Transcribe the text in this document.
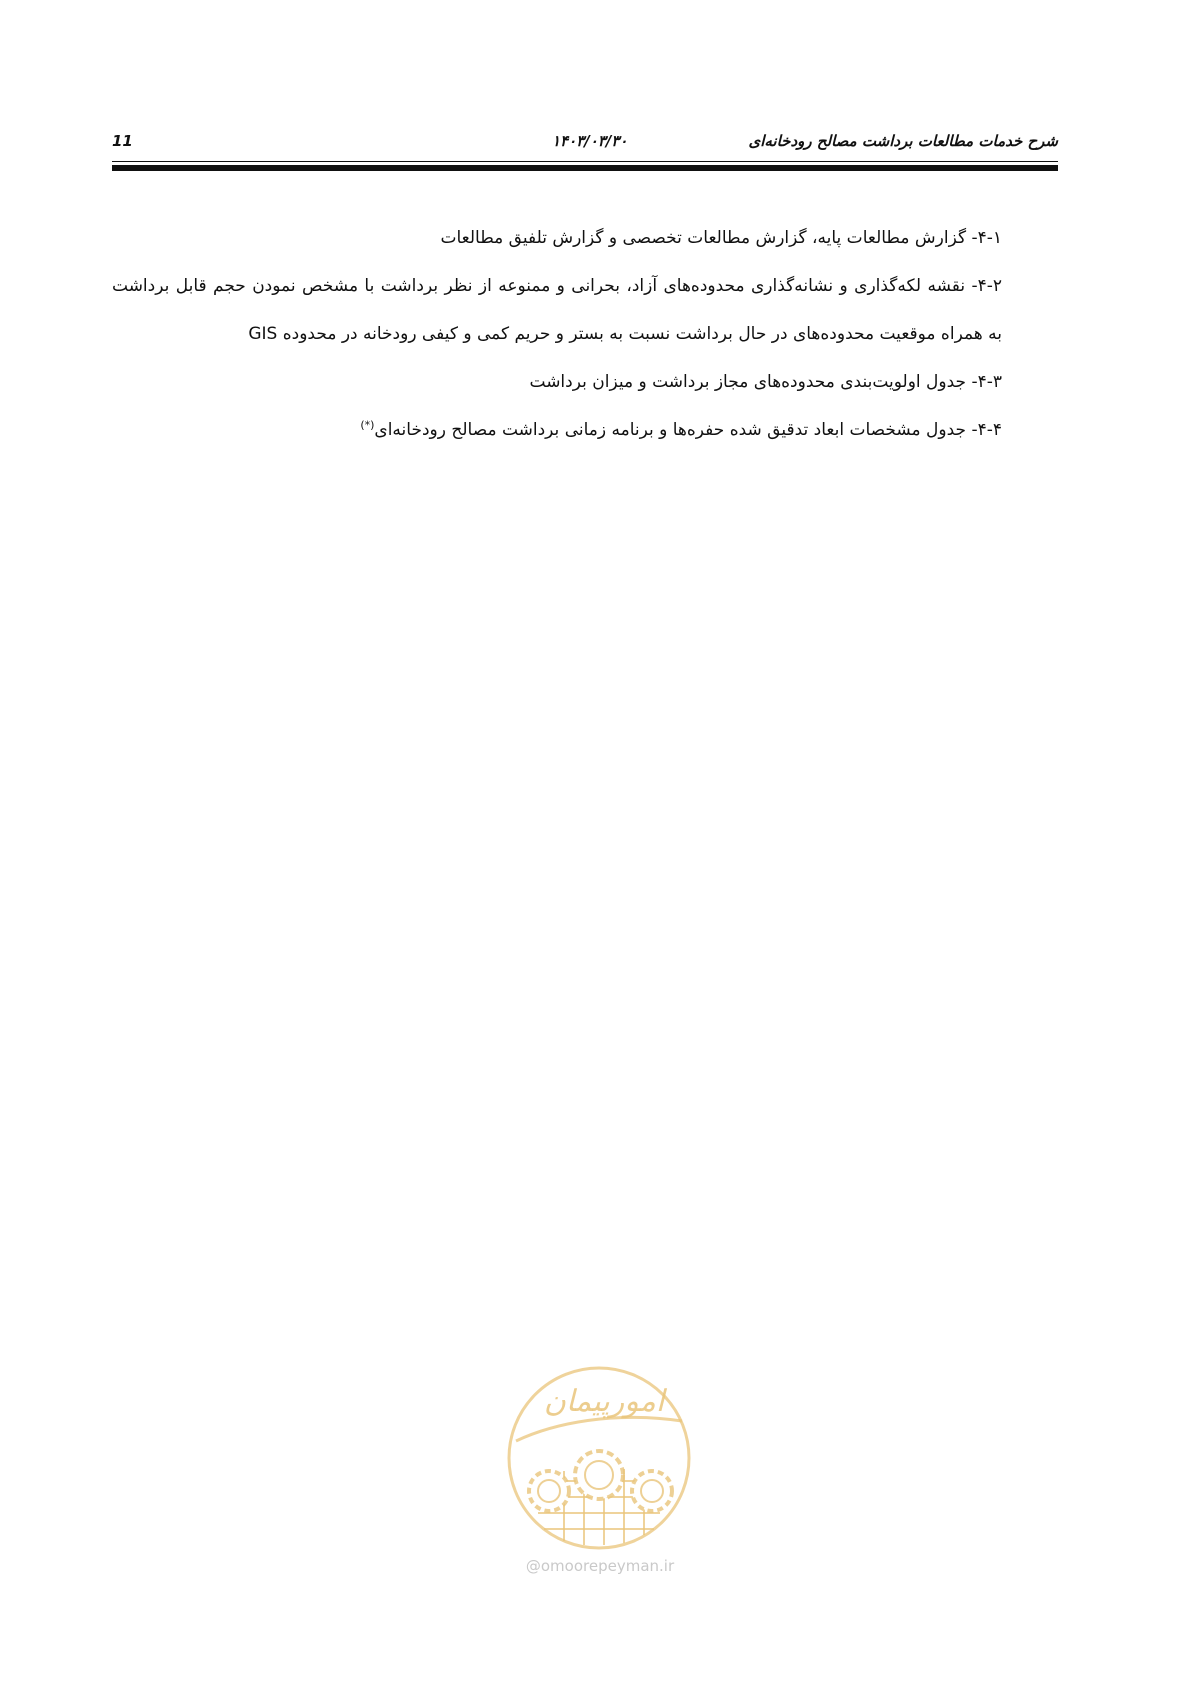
شرح خدمات مطالعات برداشت مصالح رودخانه‌ای
۱۴۰۳/۰۳/۳۰
11

۴-۱- گزارش مطالعات پایه، گزارش مطالعات تخصصی و گزارش تلفیق مطالعات

۴-۲- نقشه لکه‌گذاری و نشانه‌گذاری محدوده‌های آزاد، بحرانی و ممنوعه از نظر برداشت با مشخص نمودن حجم قابل برداشت به همراه موقعیت محدوده‌های در حال برداشت نسبت به بستر و حریم کمی و کیفی رودخانه در محدوده GIS

۴-۳- جدول اولویت‌بندی محدوده‌های مجاز برداشت و میزان برداشت

۴-۴- جدول مشخصات ابعاد تدقیق شده حفره‌ها و برنامه زمانی برداشت مصالح رودخانه‌ای(*)

امورپیمان
@omoorepeyman.ir
